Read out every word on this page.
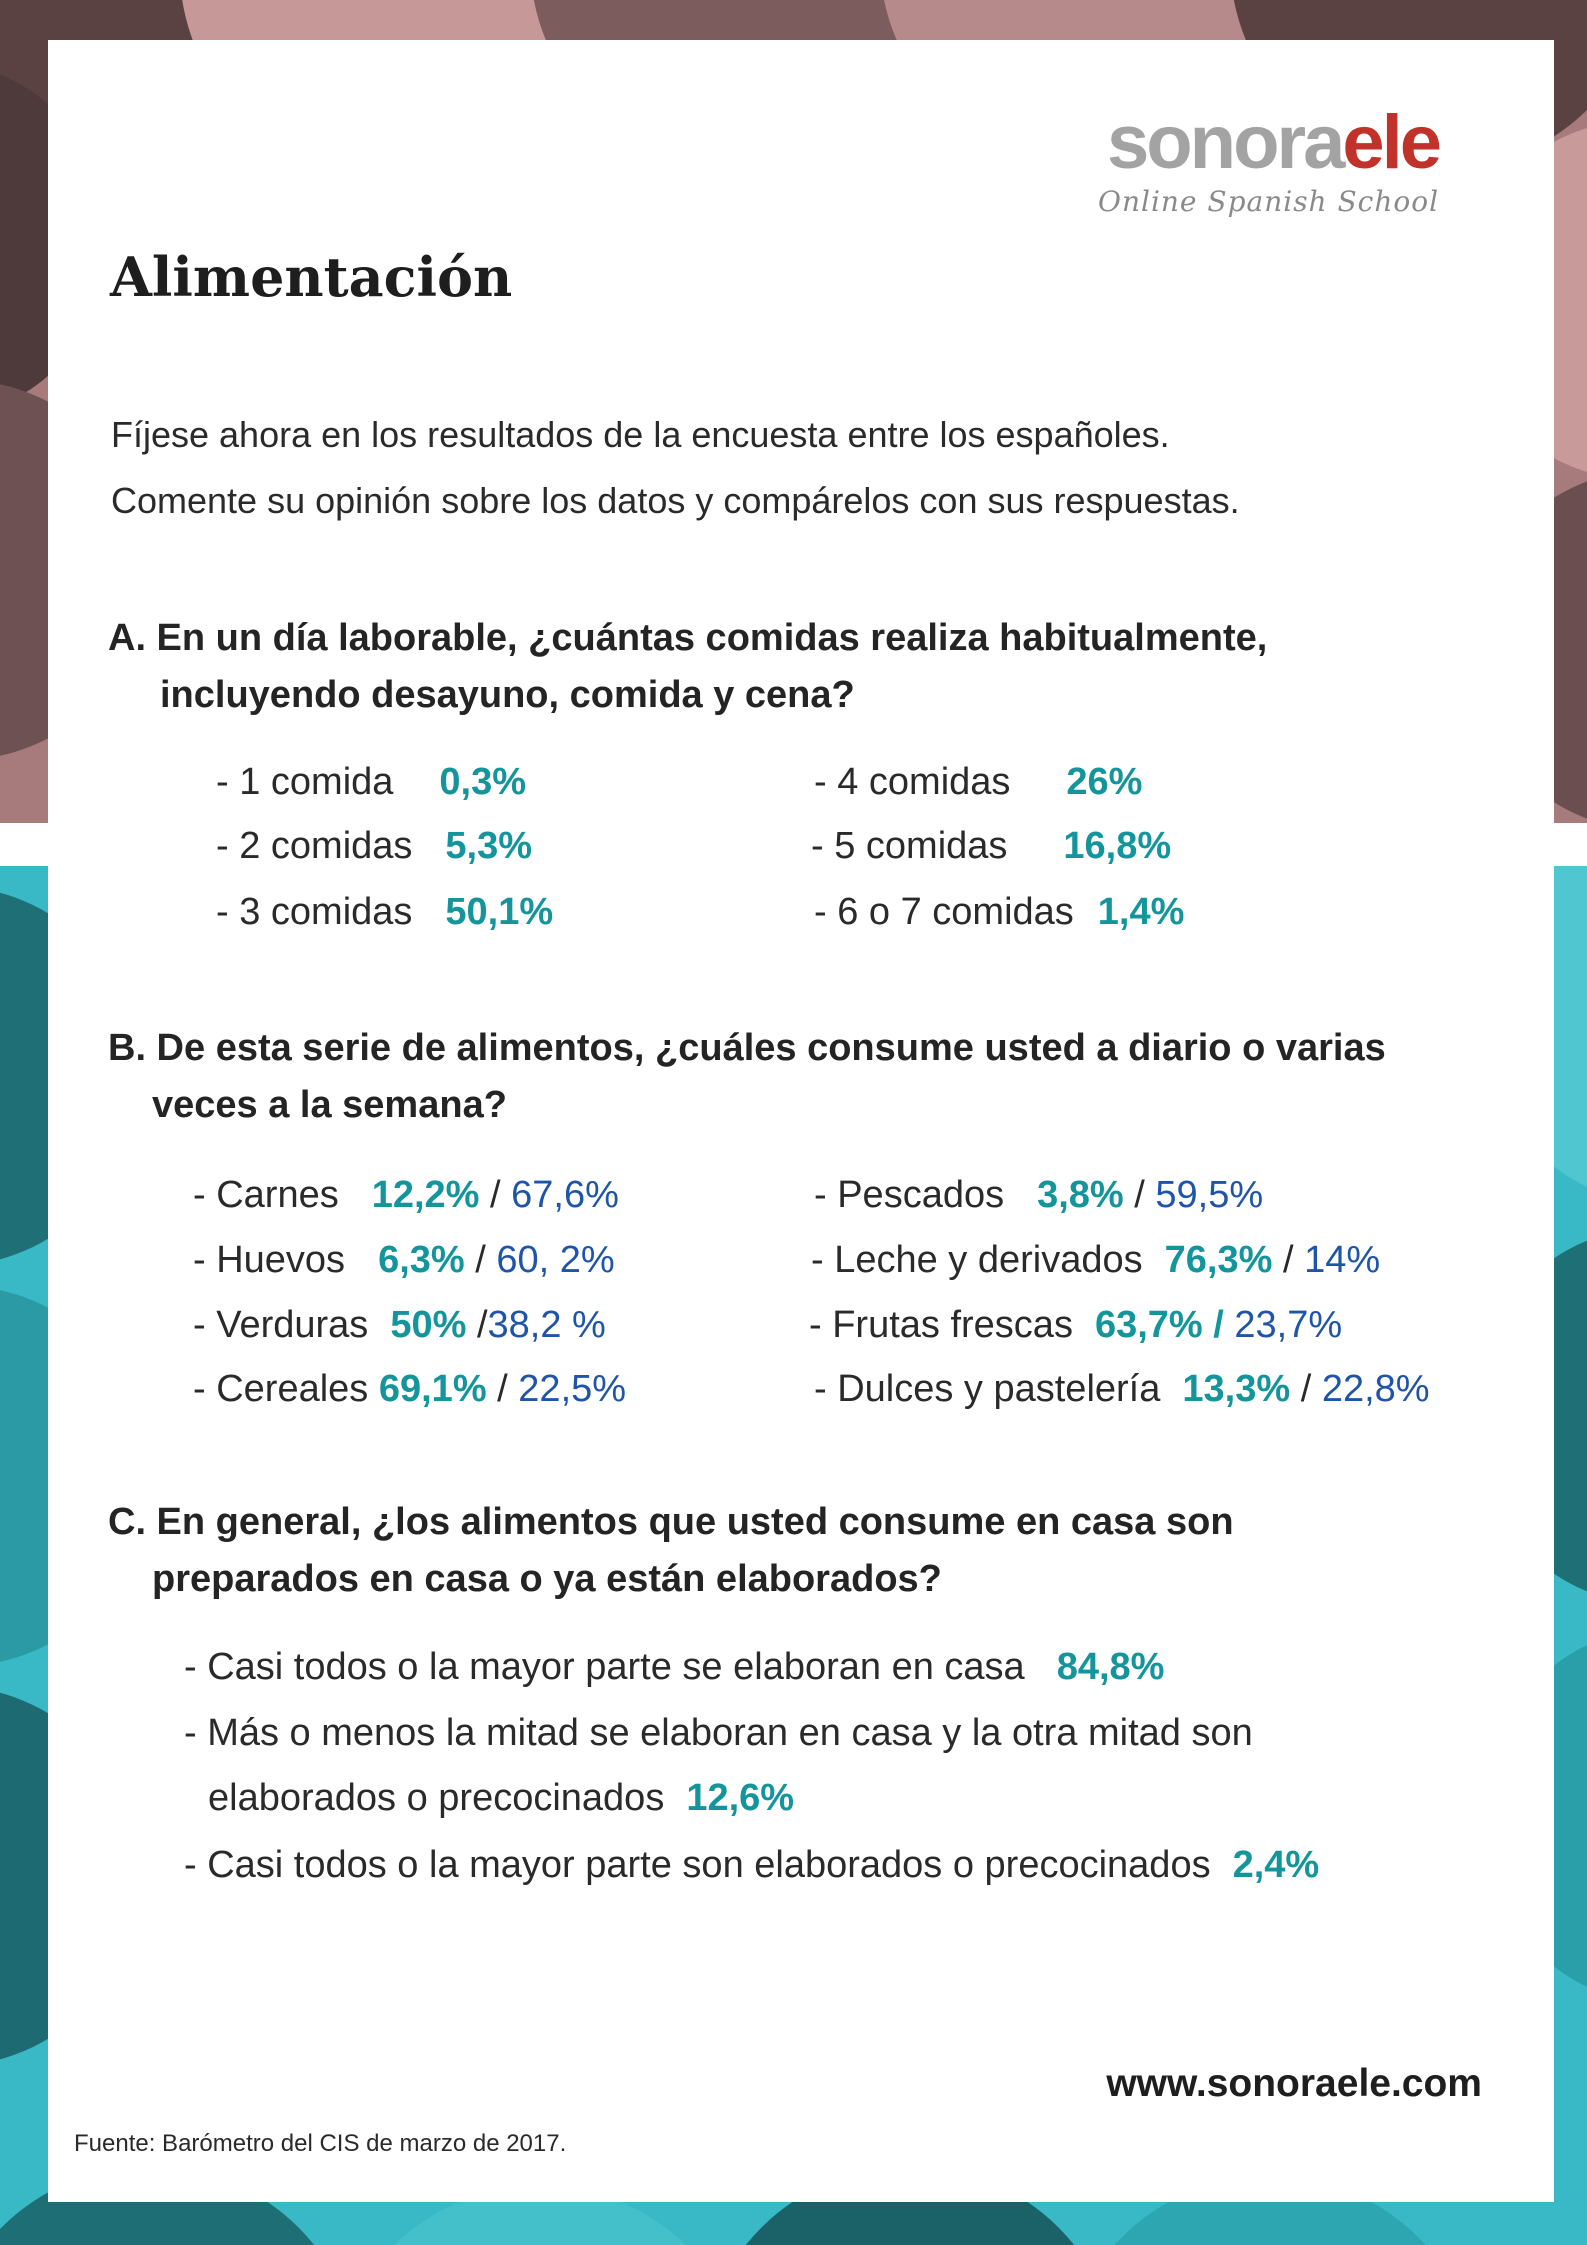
sonoraele
Online Spanish School
Alimentación
Fíjese ahora en los resultados de la encuesta entre los españoles.
Comente su opinión sobre los datos y compárelos con sus respuestas.
A. En un día laborable, ¿cuántas comidas realiza habitualmente,
incluyendo desayuno, comida y cena?
- 1 comida 0,3%
- 2 comidas 5,3%
- 3 comidas 50,1%
- 4 comidas 26%
- 5 comidas 16,8%
- 6 o 7 comidas 1,4%
B. De esta serie de alimentos, ¿cuáles consume usted a diario o varias
veces a la semana?
- Carnes 12,2% / 67,6%
- Huevos 6,3% / 60, 2%
- Verduras 50% /38,2 %
- Cereales 69,1% / 22,5%
- Pescados 3,8% / 59,5%
- Leche y derivados 76,3% / 14%
- Frutas frescas 63,7% / 23,7%
- Dulces y pastelería 13,3% / 22,8%
C. En general, ¿los alimentos que usted consume en casa son
preparados en casa o ya están elaborados?
- Casi todos o la mayor parte se elaboran en casa 84,8%
- Más o menos la mitad se elaboran en casa y la otra mitad son
elaborados o precocinados 12,6%
- Casi todos o la mayor parte son elaborados o precocinados 2,4%
www.sonoraele.com
Fuente: Barómetro del CIS de marzo de 2017.
